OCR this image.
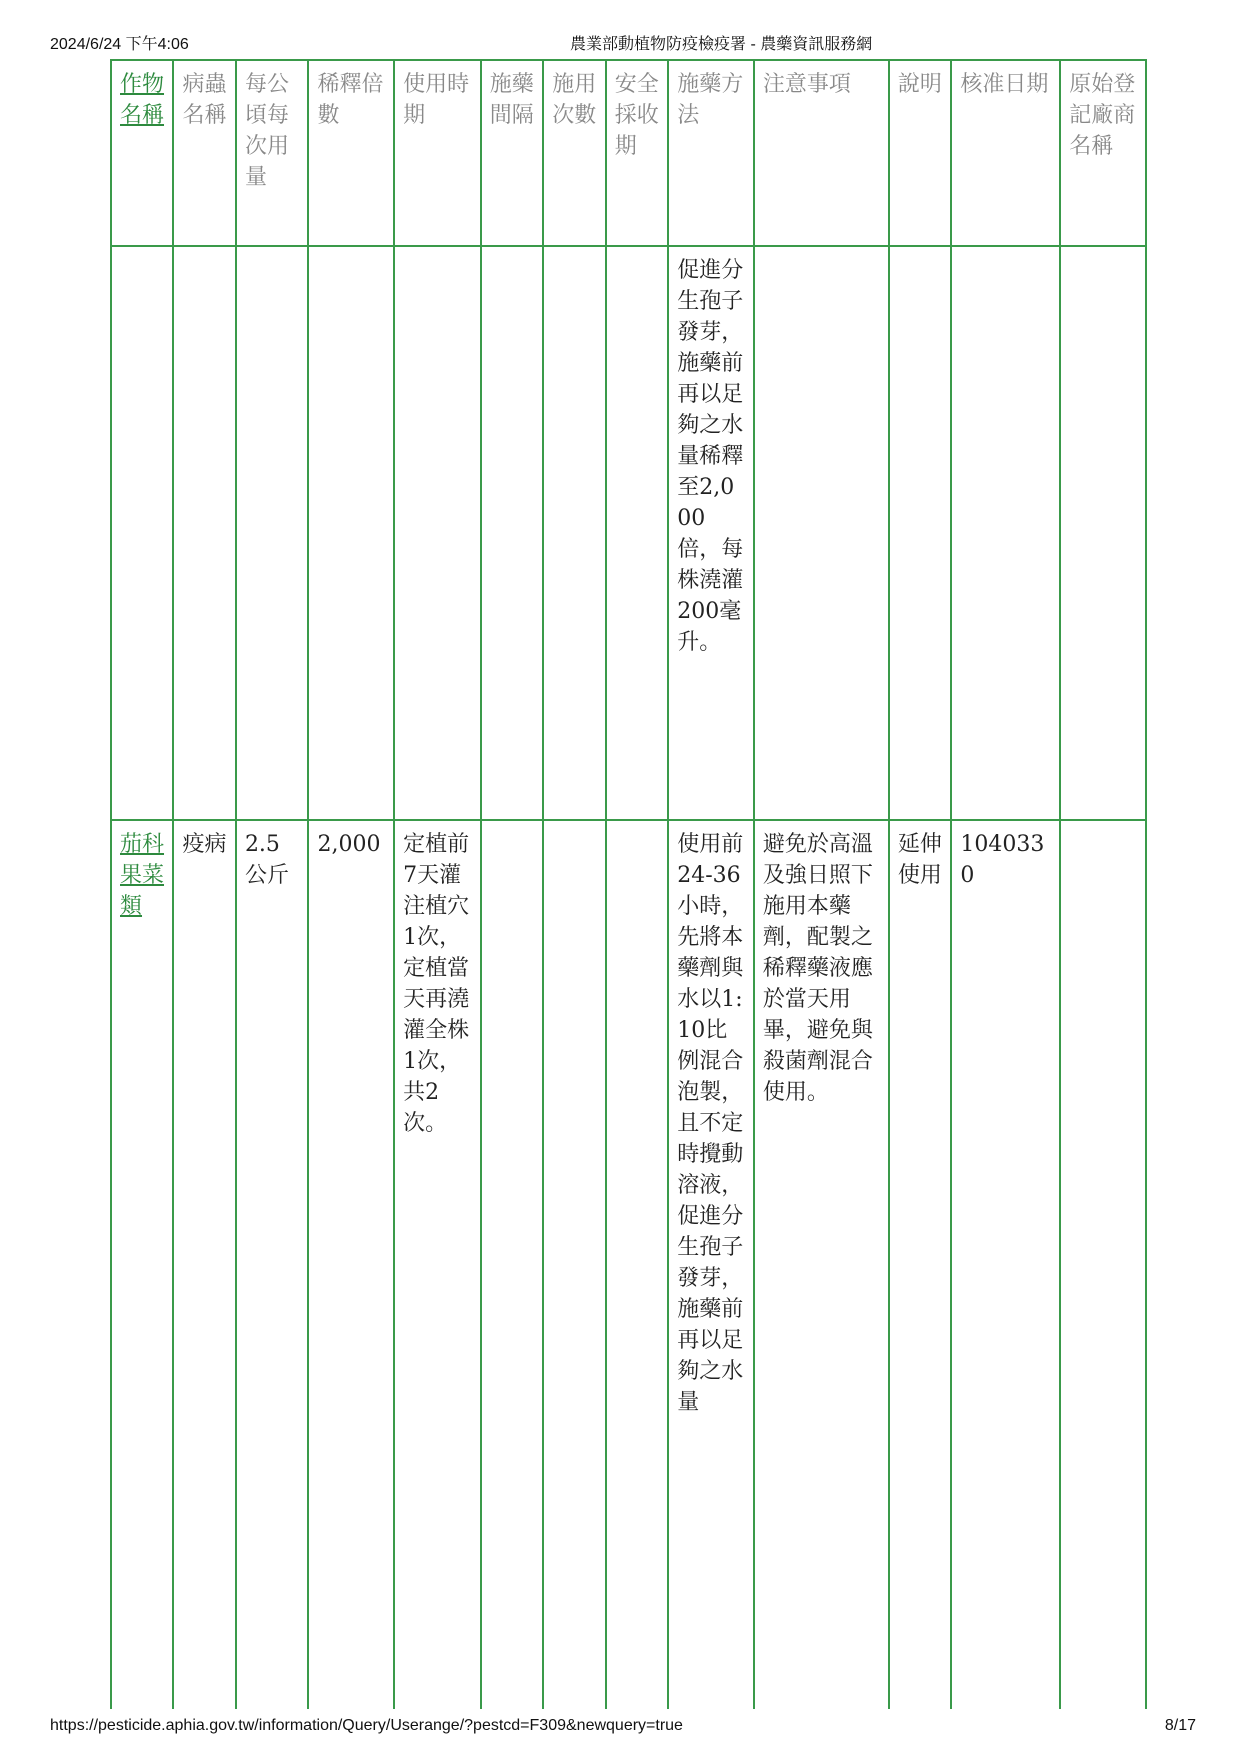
2024/6/24 下午4:06	農業部動植物防疫檢疫署 - 農藥資訊服務網
作物名稱	病蟲名稱	每公頃每次用量	稀釋倍數	使用時期	施藥間隔	施用次數	安全採收期	施藥方法	注意事項	說明	核准日期	原始登記廠商名稱
								促進分生孢子發芽，施藥前再以足夠之水量稀釋至2,000倍，每株澆灌200毫升。				
茄科果菜類	疫病	2.5公斤	2,000	定植前7天灌注植穴1次，定植當天再澆灌全株1次，共2次。				使用前24-36小時，先將本藥劑與水以1:10比例混合泡製，且不定時攪動溶液，促進分生孢子發芽，施藥前再以足夠之水量	避免於高溫及強日照下施用本藥劑，配製之稀釋藥液應於當天用畢，避免與殺菌劑混合使用。	延伸使用	1040330	
https://pesticide.aphia.gov.tw/information/Query/Userange/?pestcd=F309&newquery=true	8/17
